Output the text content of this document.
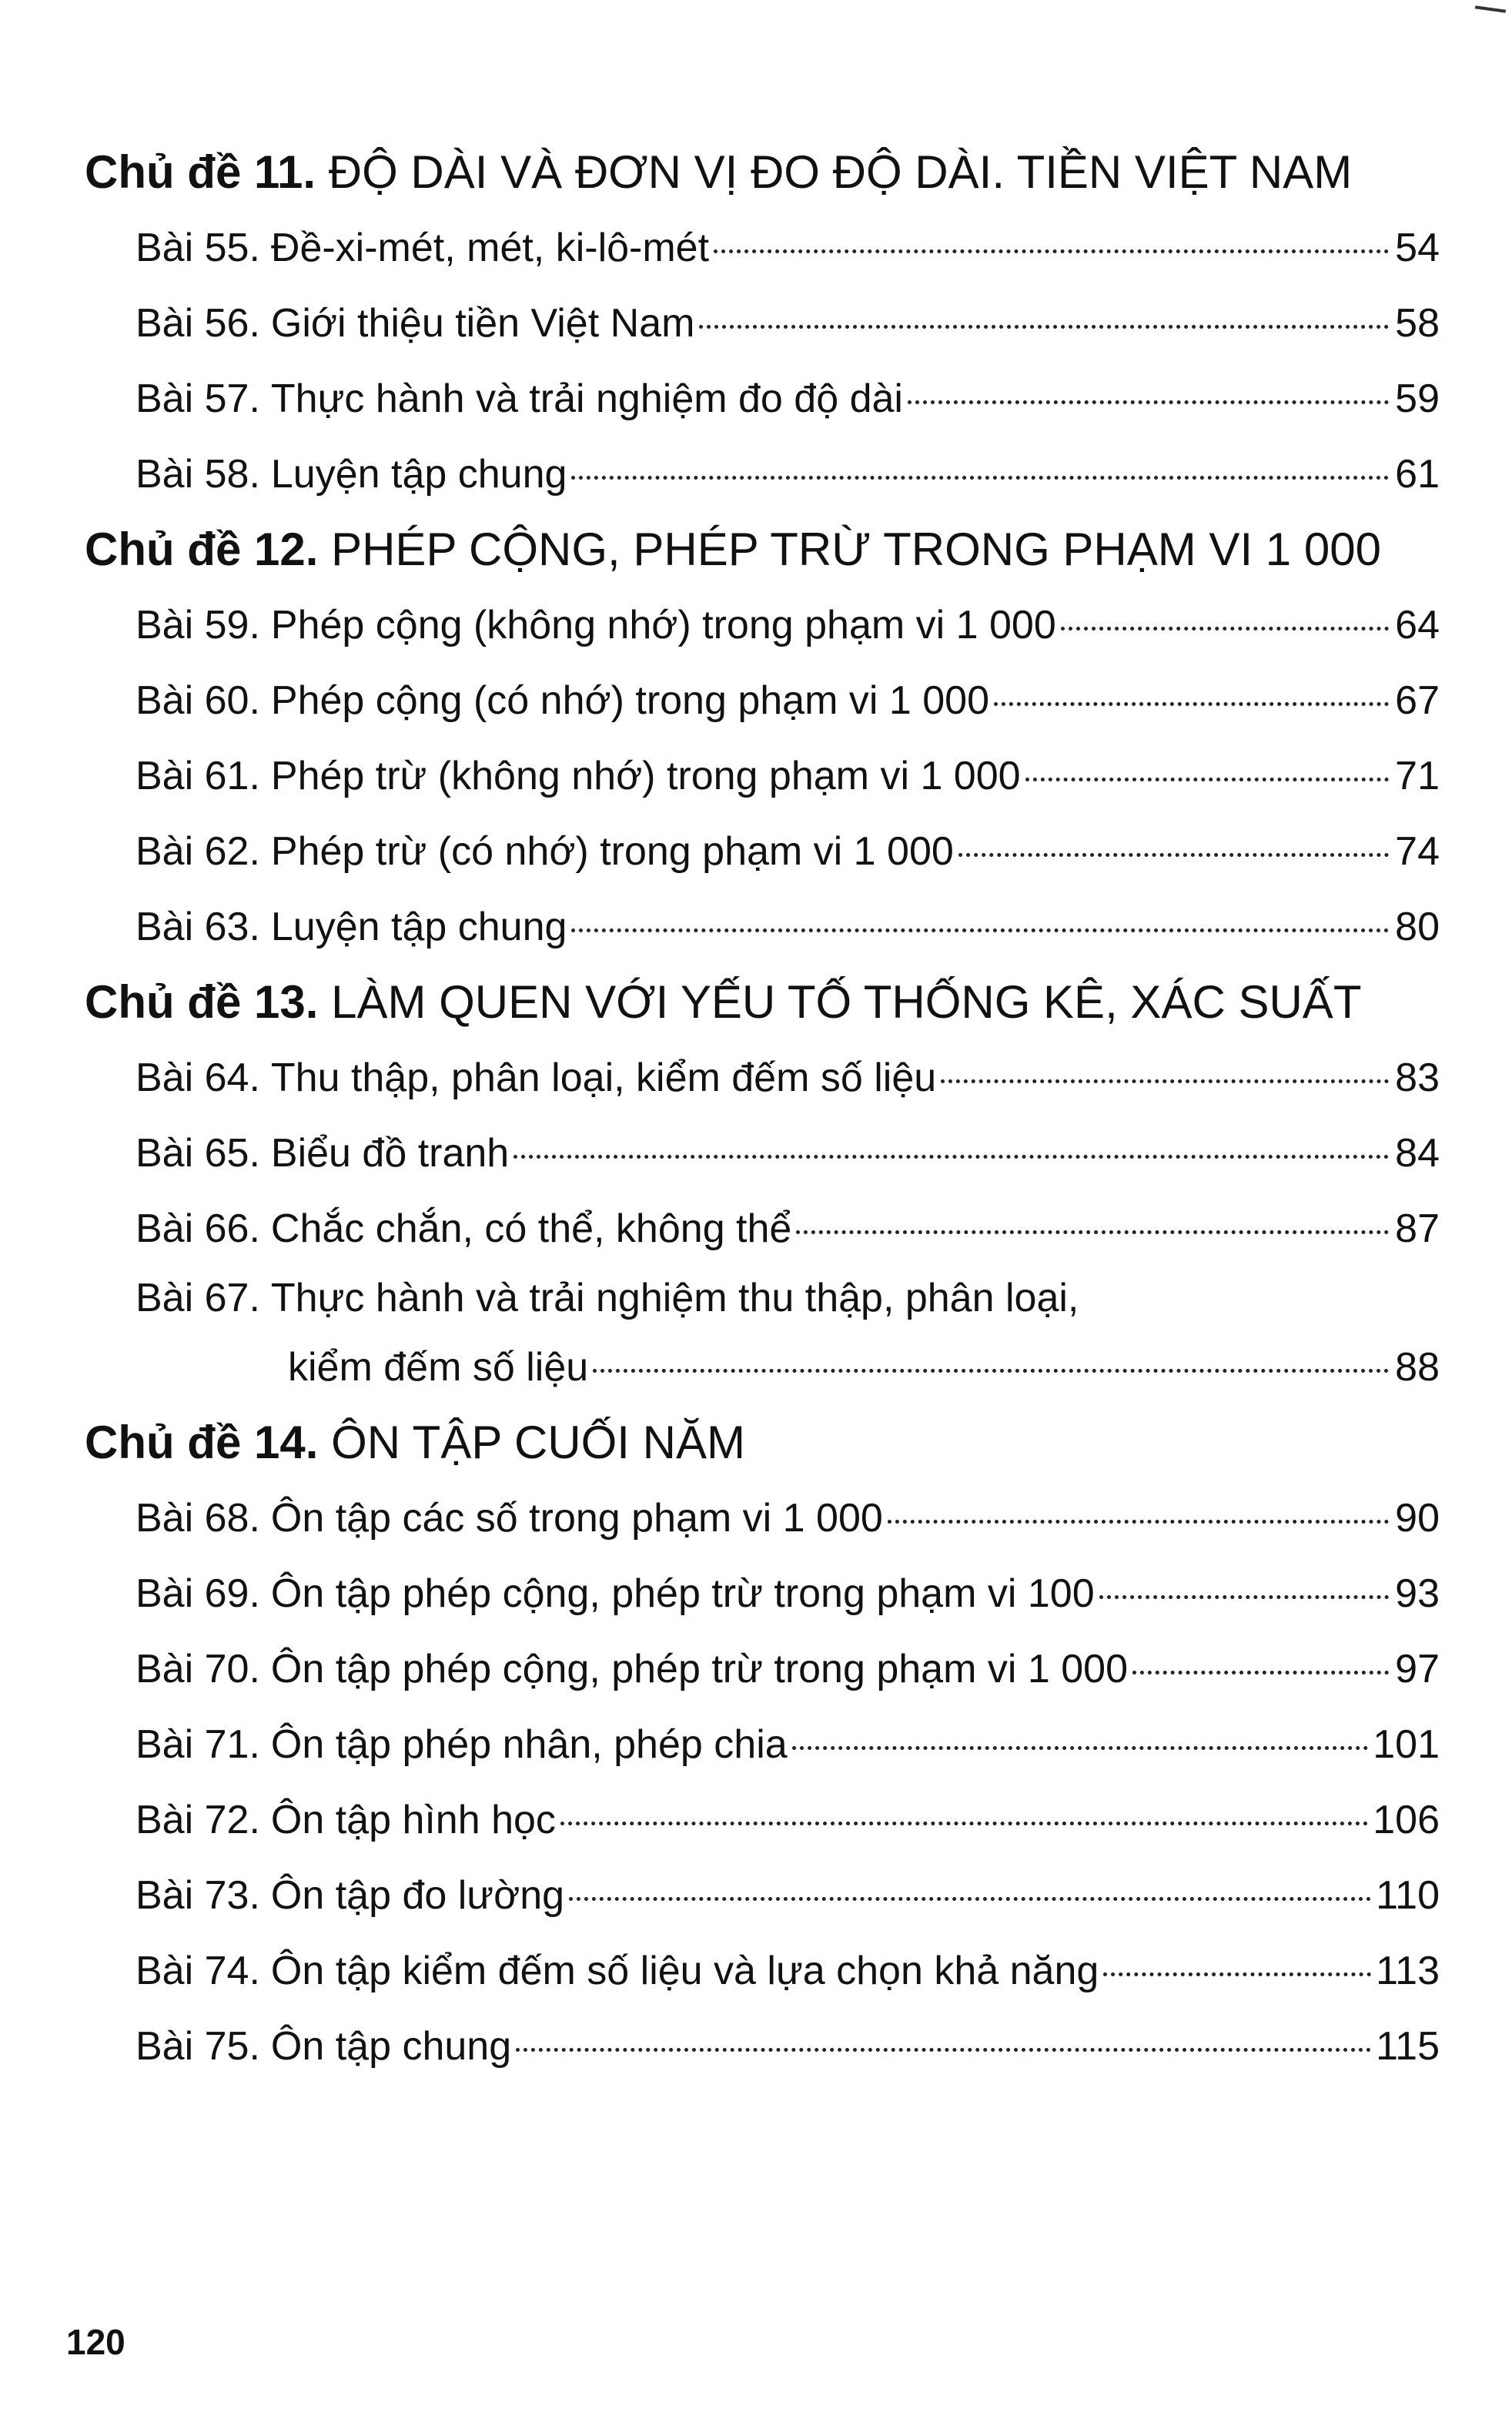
Chủ đề 11. ĐỘ DÀI VÀ ĐƠN VỊ ĐO ĐỘ DÀI. TIỀN VIỆT NAM
Bài 55. Đề-xi-mét, mét, ki-lô-mét	54
Bài 56. Giới thiệu tiền Việt Nam	58
Bài 57. Thực hành và trải nghiệm đo độ dài	59
Bài 58. Luyện tập chung	61
Chủ đề 12. PHÉP CỘNG, PHÉP TRỪ TRONG PHẠM VI 1 000
Bài 59. Phép cộng (không nhớ) trong phạm vi 1 000	64
Bài 60. Phép cộng (có nhớ) trong phạm vi 1 000	67
Bài 61. Phép trừ (không nhớ) trong phạm vi 1 000	71
Bài 62. Phép trừ (có nhớ) trong phạm vi 1 000	74
Bài 63. Luyện tập chung	80
Chủ đề 13. LÀM QUEN VỚI YẾU TỐ THỐNG KÊ, XÁC SUẤT
Bài 64. Thu thập, phân loại, kiểm đếm số liệu	83
Bài 65. Biểu đồ tranh	84
Bài 66. Chắc chắn, có thể, không thể	87
Bài 67. Thực hành và trải nghiệm thu thập, phân loại,
kiểm đếm số liệu	88
Chủ đề 14. ÔN TẬP CUỐI NĂM
Bài 68. Ôn tập các số trong phạm vi 1 000	90
Bài 69. Ôn tập phép cộng, phép trừ trong phạm vi 100	93
Bài 70. Ôn tập phép cộng, phép trừ trong phạm vi 1 000	97
Bài 71. Ôn tập phép nhân, phép chia	101
Bài 72. Ôn tập hình học	106
Bài 73. Ôn tập đo lường	110
Bài 74. Ôn tập kiểm đếm số liệu và lựa chọn khả năng	113
Bài 75. Ôn tập chung	115
120
